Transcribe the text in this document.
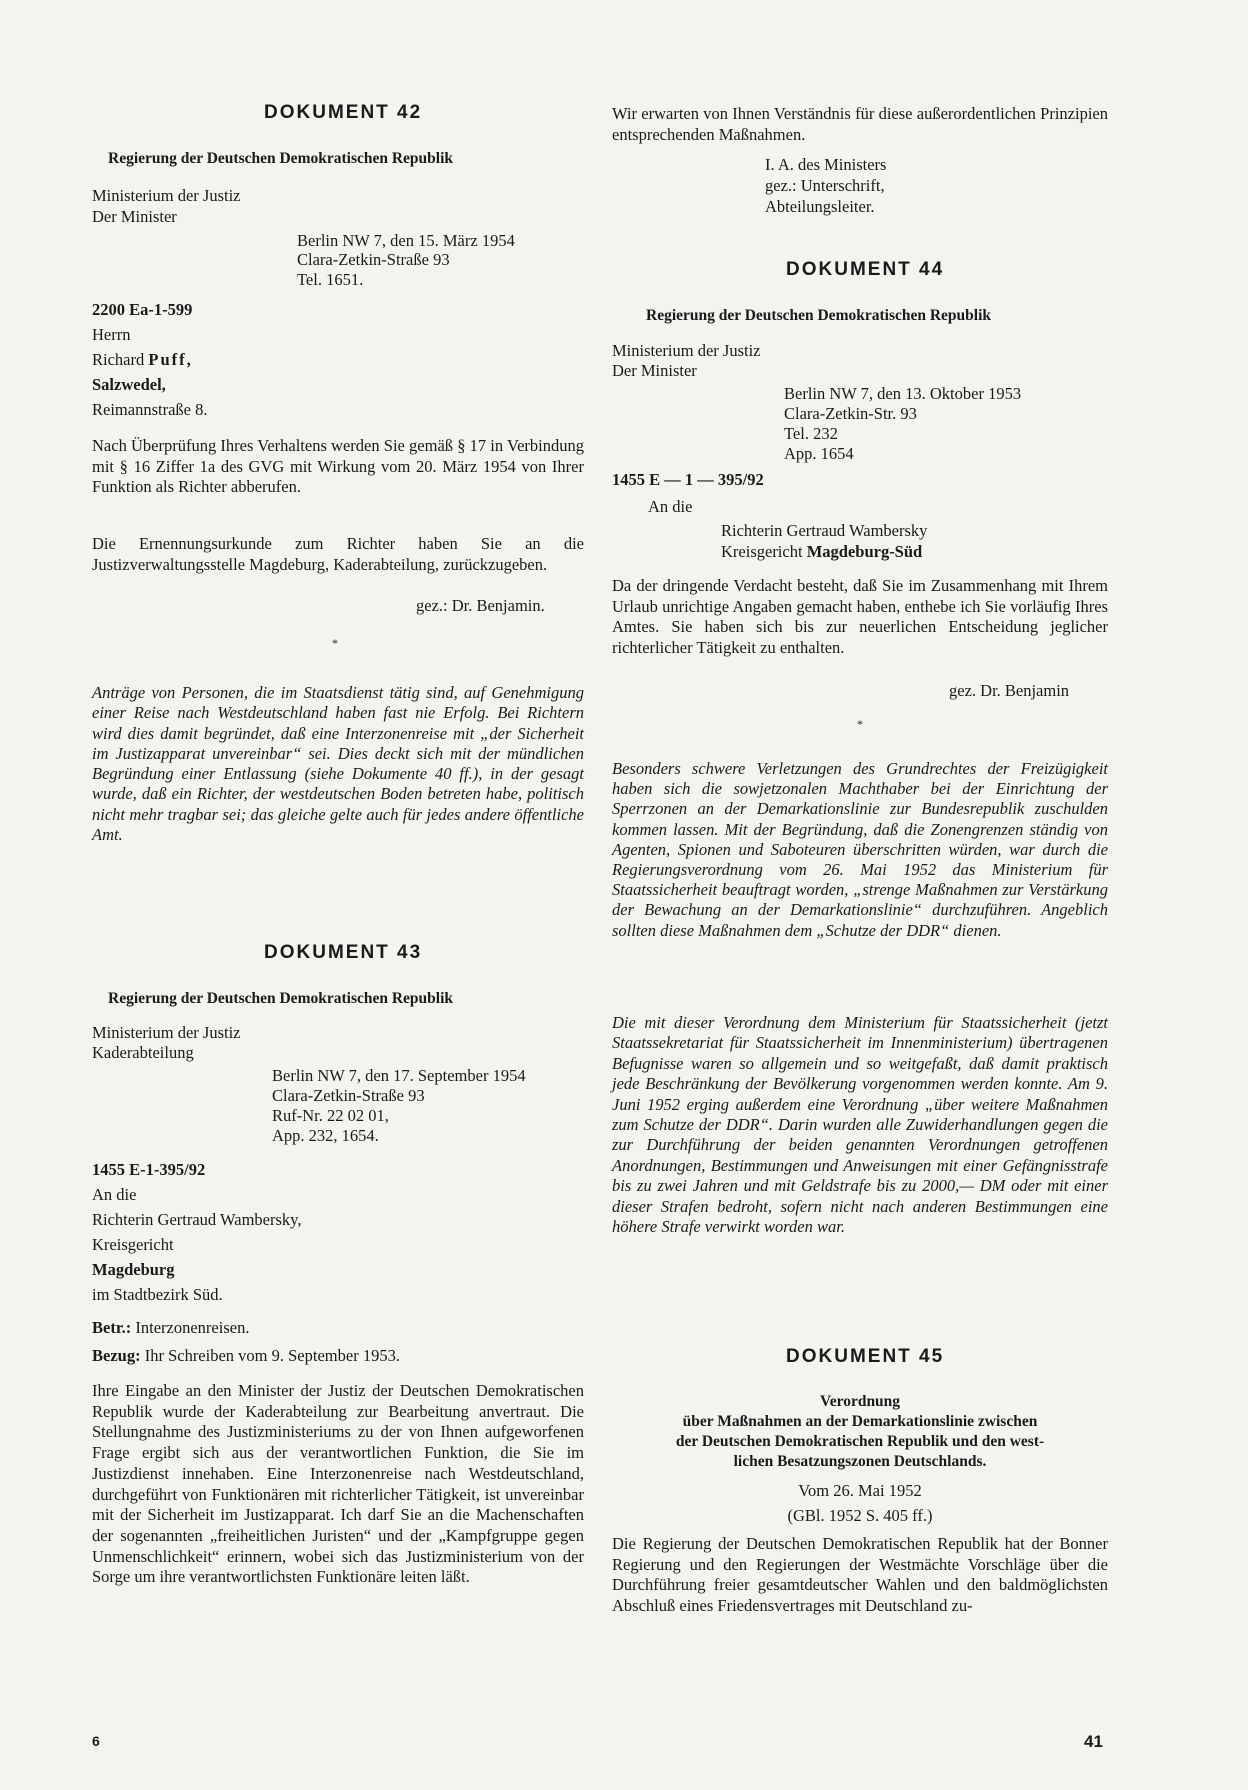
DOKUMENT 42
Regierung der Deutschen Demokratischen Republik
Ministerium der Justiz
Der Minister
Berlin NW 7, den 15. März 1954
Clara-Zetkin-Straße 93
Tel. 1651.
2200 Ea-1-599
Herrn
Richard Puff,
Salzwedel,
Reimannstraße 8.
Nach Überprüfung Ihres Verhaltens werden Sie gemäß § 17 in Verbindung mit § 16 Ziffer 1a des GVG mit Wirkung vom 20. März 1954 von Ihrer Funktion als Richter abberufen.
Die Ernennungsurkunde zum Richter haben Sie an die Justizverwaltungsstelle Magdeburg, Kaderabteilung, zurückzugeben.
gez.: Dr. Benjamin.
*
Anträge von Personen, die im Staatsdienst tätig sind, auf Genehmigung einer Reise nach Westdeutschland haben fast nie Erfolg. Bei Richtern wird dies damit begründet, daß eine Interzonenreise mit „der Sicherheit im Justizapparat unvereinbar“ sei. Dies deckt sich mit der mündlichen Begründung einer Entlassung (siehe Dokumente 40 ff.), in der gesagt wurde, daß ein Richter, der westdeutschen Boden betreten habe, politisch nicht mehr tragbar sei; das gleiche gelte auch für jedes andere öffentliche Amt.
DOKUMENT 43
Regierung der Deutschen Demokratischen Republik
Ministerium der Justiz
Kaderabteilung
Berlin NW 7, den 17. September 1954
Clara-Zetkin-Straße 93
Ruf-Nr. 22 02 01,
App. 232, 1654.
1455 E-1-395/92
An die
Richterin Gertraud Wambersky,
Kreisgericht
Magdeburg
im Stadtbezirk Süd.
Betr.: Interzonenreisen.
Bezug: Ihr Schreiben vom 9. September 1953.
Ihre Eingabe an den Minister der Justiz der Deutschen Demokratischen Republik wurde der Kaderabteilung zur Bearbeitung anvertraut. Die Stellungnahme des Justizministeriums zu der von Ihnen aufgeworfenen Frage ergibt sich aus der verantwortlichen Funktion, die Sie im Justizdienst innehaben. Eine Interzonenreise nach Westdeutschland, durchgeführt von Funktionären mit richterlicher Tätigkeit, ist unvereinbar mit der Sicherheit im Justizapparat. Ich darf Sie an die Machenschaften der sogenannten „freiheitlichen Juristen“ und der „Kampfgruppe gegen Unmenschlichkeit“ erinnern, wobei sich das Justizministerium von der Sorge um ihre verantwortlichsten Funktionäre leiten läßt.
6
Wir erwarten von Ihnen Verständnis für diese außerordentlichen Prinzipien entsprechenden Maßnahmen.
I. A. des Ministers
gez.: Unterschrift,
Abteilungsleiter.
DOKUMENT 44
Regierung der Deutschen Demokratischen Republik
Ministerium der Justiz
Der Minister
Berlin NW 7, den 13. Oktober 1953
Clara-Zetkin-Str. 93
Tel. 232
App. 1654
1455 E — 1 — 395/92
An die
Richterin Gertraud Wambersky
Kreisgericht Magdeburg-Süd
Da der dringende Verdacht besteht, daß Sie im Zusammenhang mit Ihrem Urlaub unrichtige Angaben gemacht haben, enthebe ich Sie vorläufig Ihres Amtes. Sie haben sich bis zur neuerlichen Entscheidung jeglicher richterlicher Tätigkeit zu enthalten.
gez. Dr. Benjamin
*
Besonders schwere Verletzungen des Grundrechtes der Freizügigkeit haben sich die sowjetzonalen Machthaber bei der Einrichtung der Sperrzonen an der Demarkationslinie zur Bundesrepublik zuschulden kommen lassen. Mit der Begründung, daß die Zonengrenzen ständig von Agenten, Spionen und Saboteuren überschritten würden, war durch die Regierungsverordnung vom 26. Mai 1952 das Ministerium für Staatssicherheit beauftragt worden, „strenge Maßnahmen zur Verstärkung der Bewachung an der Demarkationslinie“ durchzuführen. Angeblich sollten diese Maßnahmen dem „Schutze der DDR“ dienen.
Die mit dieser Verordnung dem Ministerium für Staatssicherheit (jetzt Staatssekretariat für Staatssicherheit im Innenministerium) übertragenen Befugnisse waren so allgemein und so weitgefaßt, daß damit praktisch jede Beschränkung der Bevölkerung vorgenommen werden konnte. Am 9. Juni 1952 erging außerdem eine Verordnung „über weitere Maßnahmen zum Schutze der DDR“. Darin wurden alle Zuwiderhandlungen gegen die zur Durchführung der beiden genannten Verordnungen getroffenen Anordnungen, Bestimmungen und Anweisungen mit einer Gefängnisstrafe bis zu zwei Jahren und mit Geldstrafe bis zu 2000,— DM oder mit einer dieser Strafen bedroht, sofern nicht nach anderen Bestimmungen eine höhere Strafe verwirkt worden war.
DOKUMENT 45
Verordnung
über Maßnahmen an der Demarkationslinie zwischen
der Deutschen Demokratischen Republik und den west-
lichen Besatzungszonen Deutschlands.
Vom 26. Mai 1952
(GBl. 1952 S. 405 ff.)
Die Regierung der Deutschen Demokratischen Republik hat der Bonner Regierung und den Regierungen der Westmächte Vorschläge über die Durchführung freier gesamtdeutscher Wahlen und den baldmöglichsten Abschluß eines Friedensvertrages mit Deutschland zu-
41
